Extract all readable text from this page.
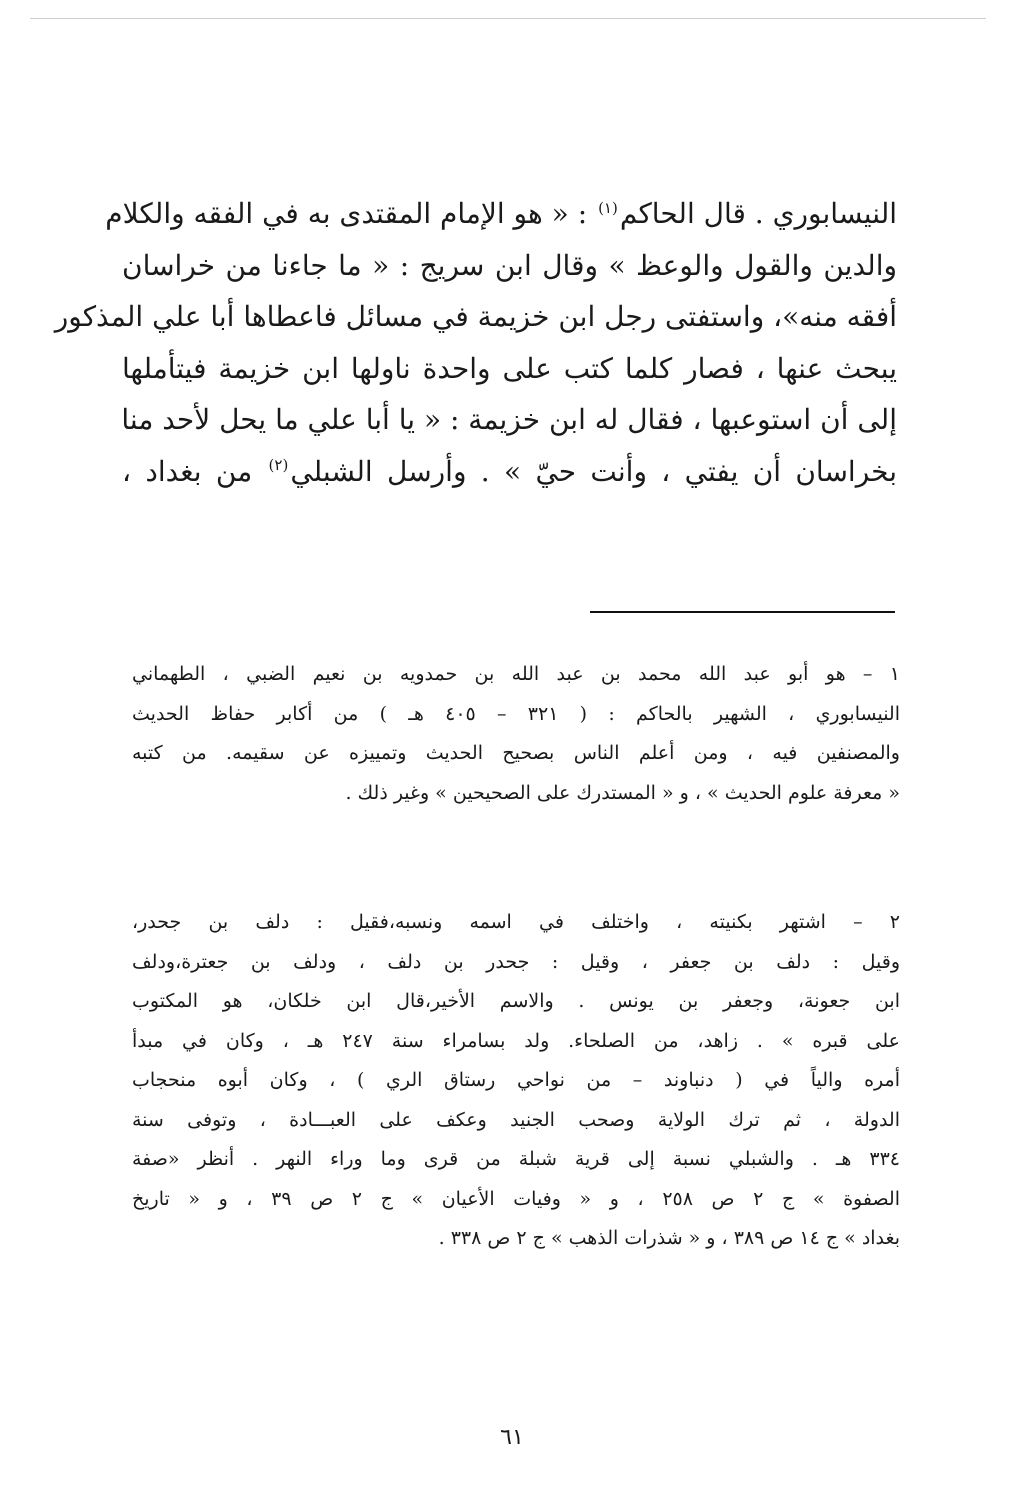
النيسابوري . قال الحاكم$^{(١)}$ : « هو الإمام المقتدى به في الفقه والكلام
والدين والقول والوعظ » وقال ابن سريج : « ما جاءنا من خراسان
أفقه منه»، واستفتى رجل ابن خزيمة في مسائل فاعطاها أبا علي المذكور
يبحث عنها ، فصار كلما كتب على واحدة ناولها ابن خزيمة فيتأملها
إلى أن استوعبها ، فقال له ابن خزيمة : « يا أبا علي ما يحل لأحد منا
بخراسان أن يفتي ، وأنت حيّ » . وأرسل الشبلي$^{(٢)}$ من بغداد ،
١ – هو أبو عبد الله محمد بن عبد الله بن حمدويه بن نعيم الضبي ، الطهماني
النيسابوري ، الشهير بالحاكم : ( ٣٢١ – ٤٠٥ هـ ) من أكابر حفاظ الحديث
والمصنفين فيه ، ومن أعلم الناس بصحيح الحديث وتمييزه عن سقيمه. من كتبه
« معرفة علوم الحديث » ، و « المستدرك على الصحيحين » وغير ذلك .
٢ – اشتهر بكنيته ، واختلف في اسمه ونسبه،فقيل : دلف بن جحدر،
وقيل : دلف بن جعفر ، وقيل : جحدر بن دلف ، ودلف بن جعترة،ودلف
ابن جعونة، وجعفر بن يونس . والاسم الأخير،قال ابن خلكان، هو المكتوب
على قبره » . زاهد، من الصلحاء. ولد بسامراء سنة ٢٤٧ هـ ، وكان في مبدأ
أمره والياً في ( دنباوند – من نواحي رستاق الري ) ، وكان أبوه منحجاب
الدولة ، ثم ترك الولاية وصحب الجنيد وعكف على العبـــادة ، وتوفى سنة
٣٣٤ هـ . والشبلي نسبة إلى قرية شبلة من قرى وما وراء النهر . أنظر «صفة
الصفوة » ج ٢ ص ٢٥٨ ، و « وفيات الأعيان » ج ٢ ص ٣٩ ، و « تاريخ
بغداد » ج ١٤ ص ٣٨٩ ، و « شذرات الذهب » ج ٢ ص ٣٣٨ .
٦١
